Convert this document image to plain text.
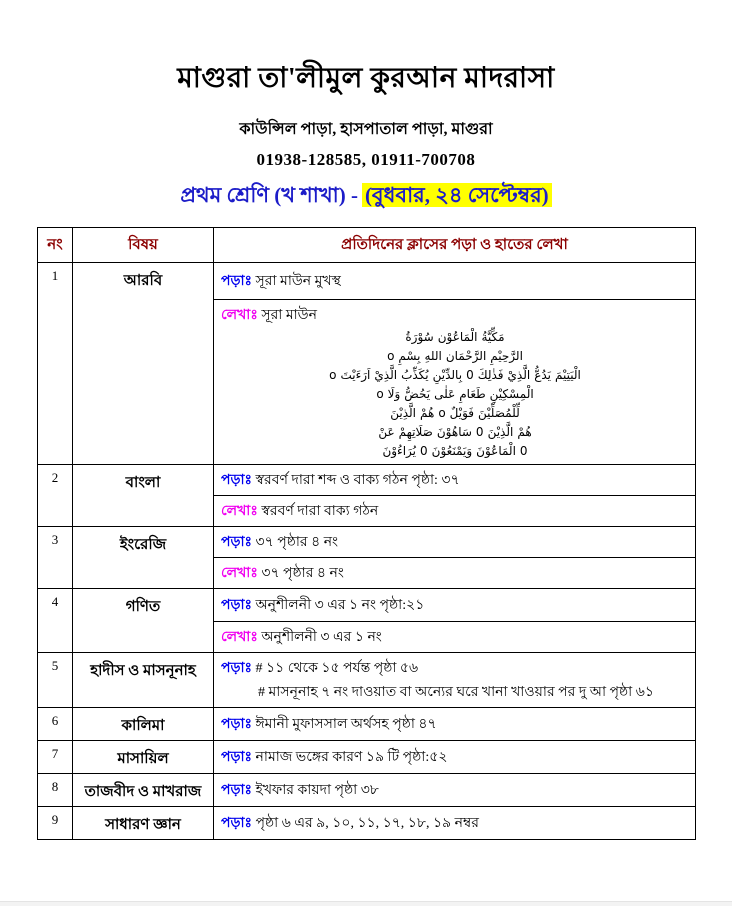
মাগুরা তা'লীমুল কুরআন মাদরাসা
কাউন্সিল পাড়া, হাসপাতাল পাড়া, মাগুরা
01938-128585, 01911-700708
প্রথম শ্রেণি (খ শাখা) - (বুধবার, ২৪ সেপ্টেম্বর)
নং	বিষয়	প্রতিদিনের ক্লাসের পড়া ও হাতের লেখা
1	আরবি	পড়াঃ সূরা মাউন মুখস্থ

লেখাঃ সূরা মাউন
سُوْرَةُ الْمَاعُوْن مَكِّيَّةُ
o بِسْمِ اللهِ الرَّحْمَان الرَّحِيْمِ
o اَرَءَيْتَ الَّذِيْ يُكَذِّبُ بِالدِّيْنِ 0 فَذٰلِكَ الَّذِيْ يَدُعُّ الْيَتِيْمَ
o وَلَا يَحُضُّ عَلٰى طَعَامِ الْمِسْكِيْنِ
الَّذِيْنَ هُمْ o فَوَيْلٌ لِّلْمُصَلِّيْنَ
عَنْ صَلَاتِهِمْ سَاهُوْنَ 0 الَّذِيْنَ هُمْ
يُرَاءُوْنَ 0 وَيَمْنَعُوْنَ الْمَاعُوْنَ 0

2	বাংলা	পড়াঃ স্বরবর্ণ দারা শব্দ ও বাক্য গঠন পৃষ্ঠা: ৩৭
		লেখাঃ স্বরবর্ণ দারা বাক্য গঠন
3	ইংরেজি	পড়াঃ ৩৭ পৃষ্ঠার ৪ নং
		লেখাঃ ৩৭ পৃষ্ঠার ৪ নং
4	গণিত	পড়াঃ অনুশীলনী ৩ এর ১ নং পৃষ্ঠা:২১
		লেখাঃ অনুশীলনী ৩ এর ১ নং
5	হাদীস ও মাসনূনাহ	পড়াঃ # ১১ থেকে ১৫ পর্যন্ত পৃষ্ঠা ৫৬
# মাসনূনাহ ৭ নং দাওয়াত বা অন্যের ঘরে খানা খাওয়ার পর দু আ পৃষ্ঠা ৬১

6	কালিমা	পড়াঃ ঈমানী মুফাসসাল অর্থসহ পৃষ্ঠা ৪৭
7	মাসায়িল	পড়াঃ নামাজ ভঙ্গের কারণ ১৯ টি পৃষ্ঠা:৫২
8	তাজবীদ ও মাখরাজ	পড়াঃ ইখফার কায়দা পৃষ্ঠা ৩৮
9	সাধারণ জ্ঞান	পড়াঃ পৃষ্ঠা ৬ এর ৯, ১০, ১১, ১৭, ১৮, ১৯ নম্বর
